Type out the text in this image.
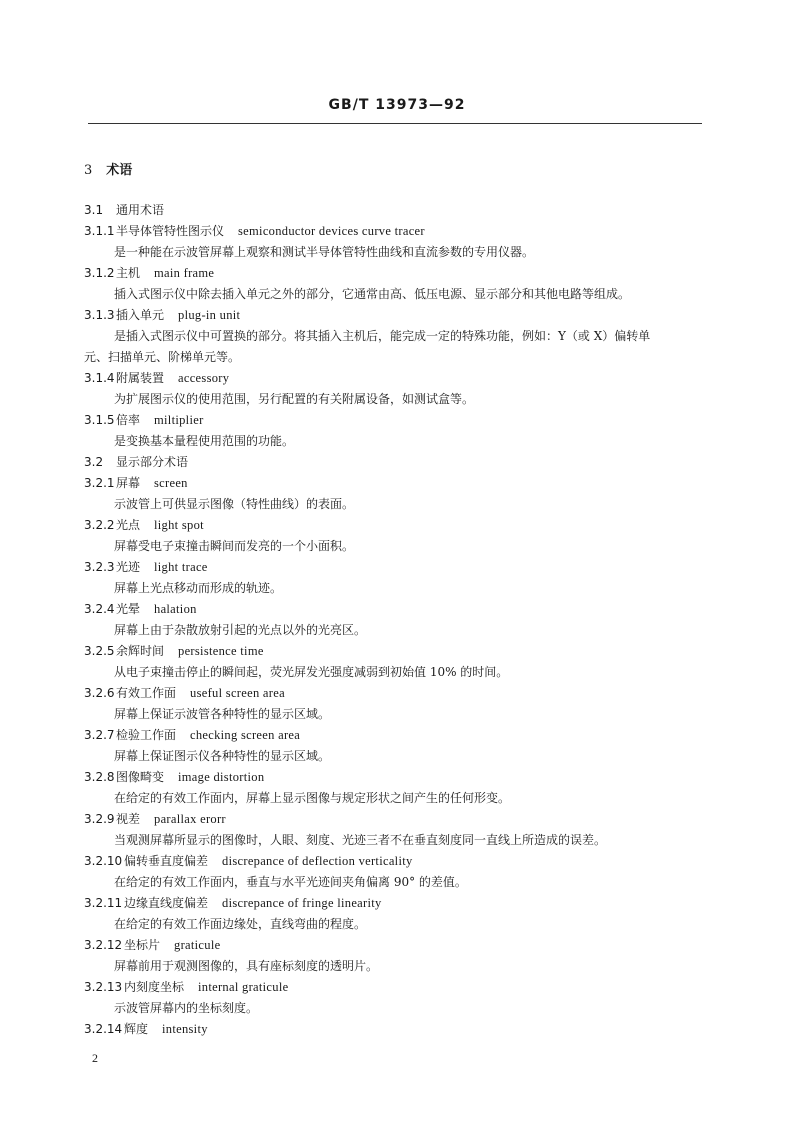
GB/T 13973—92
3 术语
3.1 通用术语
3.1.1半导体管特性图示仪 semiconductor devices curve tracer
是一种能在示波管屏幕上观察和测试半导体管特性曲线和直流参数的专用仪器。
3.1.2主机 main frame
插入式图示仪中除去插入单元之外的部分，它通常由高、低压电源、显示部分和其他电路等组成。
3.1.3插入单元 plug-in unit
是插入式图示仪中可置换的部分。将其插入主机后，能完成一定的特殊功能，例如：Y（或 X）偏转单
元、扫描单元、阶梯单元等。
3.1.4附属装置 accessory
为扩展图示仪的使用范围，另行配置的有关附属设备，如测试盒等。
3.1.5倍率 miltiplier
是变换基本量程使用范围的功能。
3.2 显示部分术语
3.2.1屏幕 screen
示波管上可供显示图像（特性曲线）的表面。
3.2.2光点 light spot
屏幕受电子束撞击瞬间而发亮的一个小面积。
3.2.3光迹 light trace
屏幕上光点移动而形成的轨迹。
3.2.4光晕 halation
屏幕上由于杂散放射引起的光点以外的光亮区。
3.2.5余辉时间 persistence time
从电子束撞击停止的瞬间起，荧光屏发光强度减弱到初始值 10% 的时间。
3.2.6有效工作面 useful screen area
屏幕上保证示波管各种特性的显示区域。
3.2.7检验工作面 checking screen area
屏幕上保证图示仪各种特性的显示区域。
3.2.8图像畸变 image distortion
在给定的有效工作面内，屏幕上显示图像与规定形状之间产生的任何形变。
3.2.9视差 parallax erorr
当观测屏幕所显示的图像时，人眼、刻度、光迹三者不在垂直刻度同一直线上所造成的误差。
3.2.10 偏转垂直度偏差 discrepance of deflection verticality
在给定的有效工作面内，垂直与水平光迹间夹角偏离 90° 的差值。
3.2.11 边缘直线度偏差 discrepance of fringe linearity
在给定的有效工作面边缘处，直线弯曲的程度。
3.2.12 坐标片 graticule
屏幕前用于观测图像的，具有座标刻度的透明片。
3.2.13 内刻度坐标 internal graticule
示波管屏幕内的坐标刻度。
3.2.14 辉度 intensity
2
